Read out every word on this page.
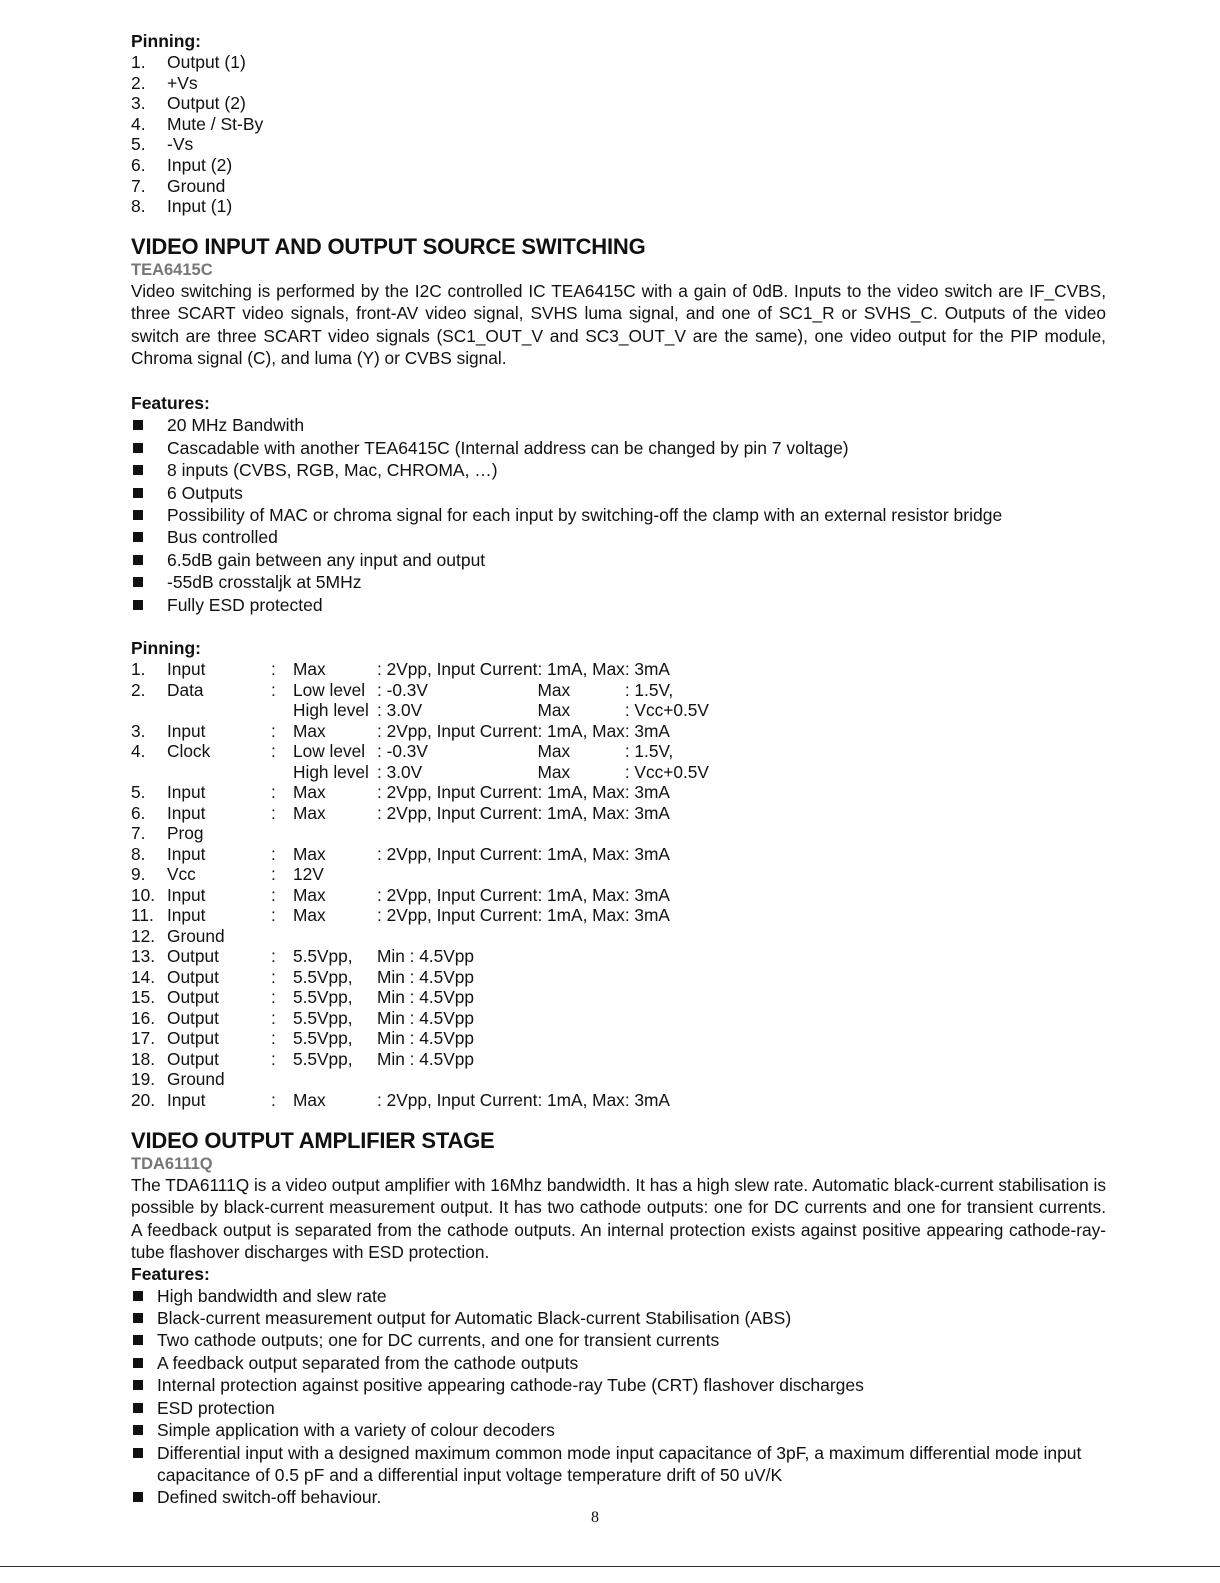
Pinning:
1.	Output (1)
2.	+Vs
3.	Output (2)
4.	Mute / St-By
5.	-Vs
6.	Input (2)
7.	Ground
8.	Input (1)
VIDEO INPUT AND OUTPUT SOURCE SWITCHING
TEA6415C

Video switching is performed by the I2C controlled IC TEA6415C with a gain of 0dB. Inputs to the video switch are IF_CVBS, three SCART video signals, front-AV video signal, SVHS luma signal, and one of SC1_R or SVHS_C. Outputs of the video switch are three SCART video signals (SC1_OUT_V and SC3_OUT_V are the same), one video output for the PIP module, Chroma signal (C), and luma (Y) or CVBS signal.

Features:
20 MHz Bandwith
Cascadable with another TEA6415C (Internal address can be changed by pin 7 voltage)
8 inputs (CVBS, RGB, Mac, CHROMA, …)
6 Outputs
Possibility of MAC or chroma signal for each input by switching-off the clamp with an external resistor bridge
Bus controlled
6.5dB gain between any input and output
-55dB crosstaljk at 5MHz
Fully ESD protected
Pinning:
1.	Input	:	Max	: 2Vpp, Input Current	: 1mA, Max	: 3mA
2.	Data	:	Low level	: -0.3V	Max	: 1.5V,
			High level	: 3.0V	Max	: Vcc+0.5V
3.	Input	:	Max	: 2Vpp, Input Current	: 1mA, Max	: 3mA
4.	Clock	:	Low level	: -0.3V	Max	: 1.5V,
			High level	: 3.0V	Max	: Vcc+0.5V
5.	Input	:	Max	: 2Vpp, Input Current	: 1mA, Max	: 3mA
6.	Input	:	Max	: 2Vpp, Input Current	: 1mA, Max	: 3mA
7.	Prog					
8.	Input	:	Max	: 2Vpp, Input Current	: 1mA, Max	: 3mA
9.	Vcc	:	12V			
10.	Input	:	Max	: 2Vpp, Input Current	: 1mA, Max	: 3mA
11.	Input	:	Max	: 2Vpp, Input Current	: 1mA, Max	: 3mA
12.	Ground					
13.	Output	:	5.5Vpp,	Min : 4.5Vpp		
14.	Output	:	5.5Vpp,	Min : 4.5Vpp		
15.	Output	:	5.5Vpp,	Min : 4.5Vpp		
16.	Output	:	5.5Vpp,	Min : 4.5Vpp		
17.	Output	:	5.5Vpp,	Min : 4.5Vpp		
18.	Output	:	5.5Vpp,	Min : 4.5Vpp		
19.	Ground					
20.	Input	:	Max	: 2Vpp, Input Current	: 1mA, Max	: 3mA
VIDEO OUTPUT AMPLIFIER STAGE
TDA6111Q

The TDA6111Q is a video output amplifier with 16Mhz bandwidth. It has a high slew rate. Automatic black-current stabilisation is possible by black-current measurement output. It has two cathode outputs: one for DC currents and one for transient currents. A feedback output is separated from the cathode outputs. An internal protection exists against positive appearing cathode-ray-tube flashover discharges with ESD protection.

Features:
High bandwidth and slew rate
Black-current measurement output for Automatic Black-current Stabilisation (ABS)
Two cathode outputs; one for DC currents, and one for transient currents
A feedback output separated from the cathode outputs
Internal protection against positive appearing cathode-ray Tube (CRT) flashover discharges
ESD protection
Simple application with a variety of colour decoders
Differential input with a designed maximum common mode input capacitance of 3pF, a maximum differential mode input capacitance of 0.5 pF and a differential input voltage temperature drift of 50 uV/K
Defined switch-off behaviour.
8
